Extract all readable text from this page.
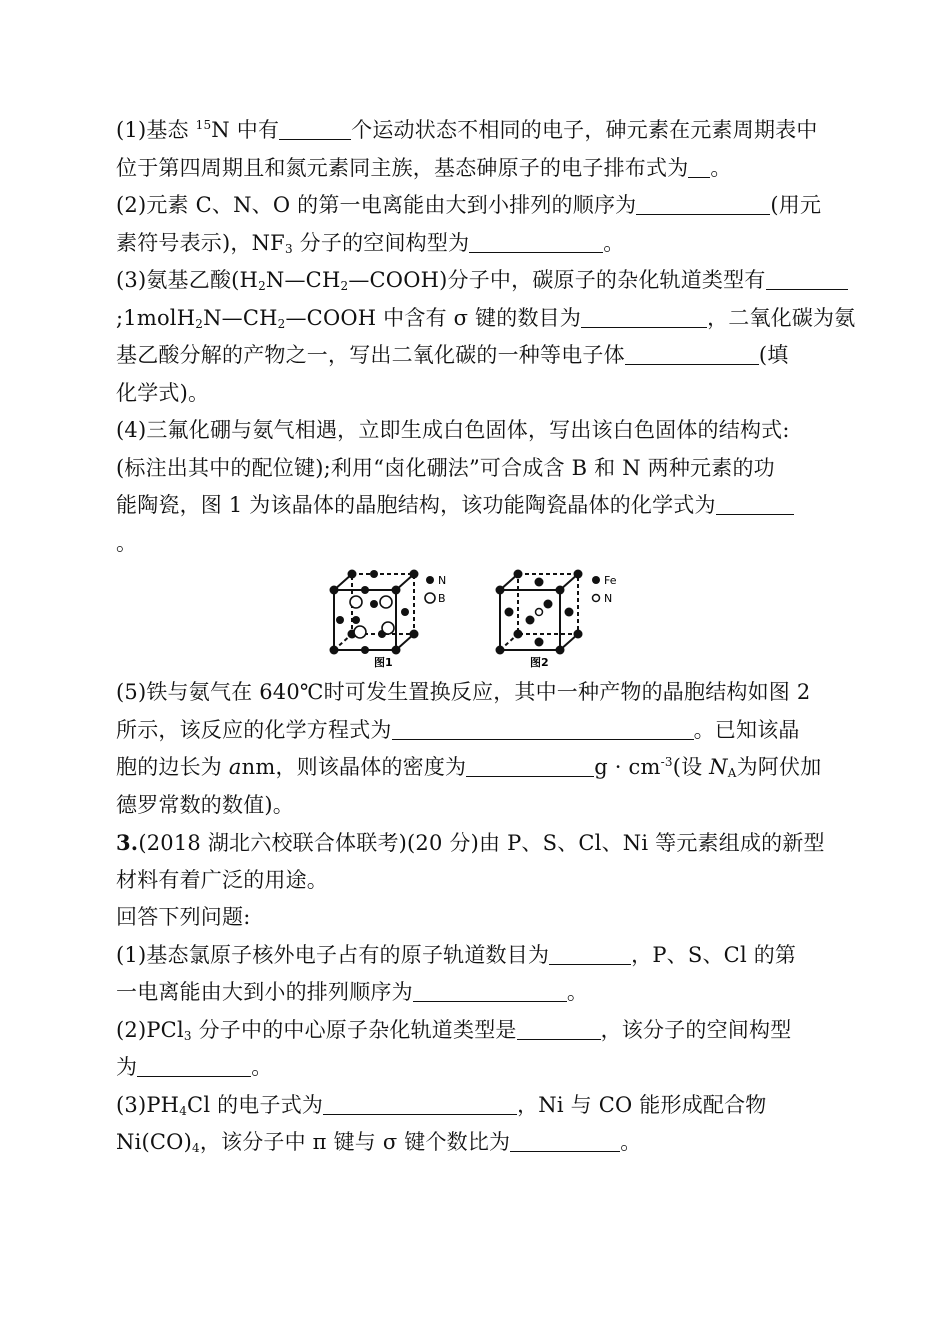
(1)基态 $^{15}$N 中有	个运动状态不相同的电子，砷元素在元素周期表中
位于第四周期且和氮元素同主族，基态砷原子的电子排布式为 。
(2)元素 C、N、O 的第一电离能由大到小排列的顺序为	(用元
素符号表示)，$NF_3$ 分子的空间构型为	。
(3)氨基乙酸$(H_2N—CH_2—COOH)$分子中，碳原子的杂化轨道类型有
$;1molH_2N—CH_2—COOH$ 中含有 σ 键的数目为	，二氧化碳为氨
基乙酸分解的产物之一，写出二氧化碳的一种等电子体	(填
化学式)。
(4)三氟化硼与氨气相遇，立即生成白色固体，写出该白色固体的结构式:
(标注出其中的配位键);利用“卤化硼法”可合成含 B 和 N 两种元素的功
能陶瓷，图 1 为该晶体的晶胞结构，该功能陶瓷晶体的化学式为
。
N
B
图1
Fe
N
图2
(5)铁与氨气在 640℃时可发生置换反应，其中一种产物的晶胞结构如图 2
所示，该反应的化学方程式为	。已知该晶
胞的边长为 anm，则该晶体的密度为	$g \cdot cm^{-3}$(设 $N_A$为阿伏加
德罗常数的数值)。
3.(2018 湖北六校联合体联考)(20 分)由 P、S、Cl、Ni 等元素组成的新型
材料有着广泛的用途。
回答下列问题:
(1)基态氯原子核外电子占有的原子轨道数目为	，P、S、Cl 的第
一电离能由大到小的排列顺序为	。
(2)PCl$_3$ 分子中的中心原子杂化轨道类型是	，该分子的空间构型
为	。
$(3)PH_4Cl$ 的电子式为	，Ni 与 CO 能形成配合物
$Ni(CO)_4$，该分子中 π 键与 σ 键个数比为	。
